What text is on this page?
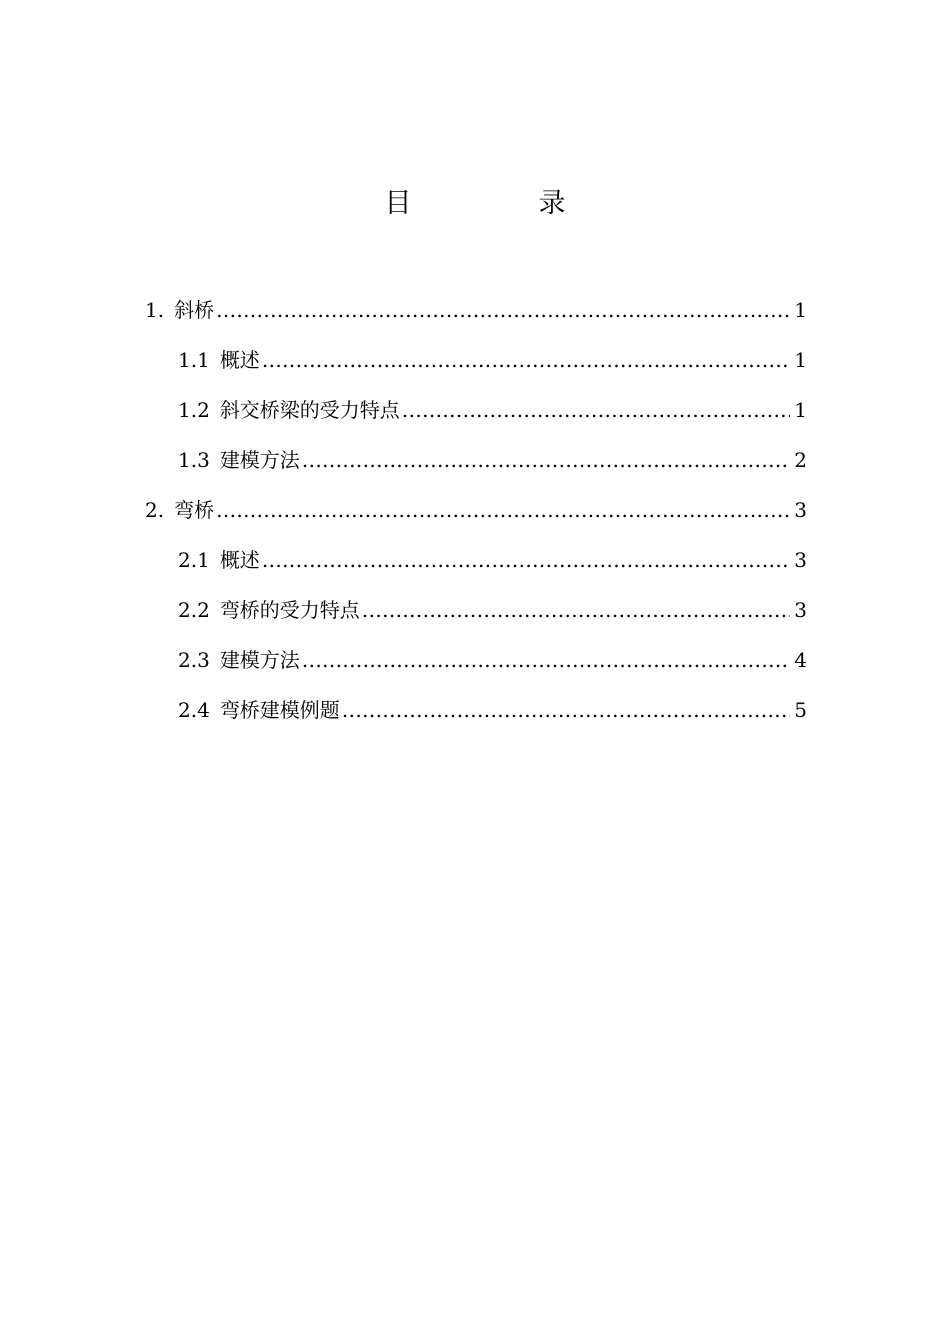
目　录
1. 斜桥 .....	1
1.1 概述 .....	1
1.2 斜交桥梁的受力特点 .....	1
1.3 建模方法 .....	2
2. 弯桥 .....	3
2.1 概述 .....	3
2.2 弯桥的受力特点 .....	3
2.3 建模方法 .....	4
2.4 弯桥建模例题 .....	5
